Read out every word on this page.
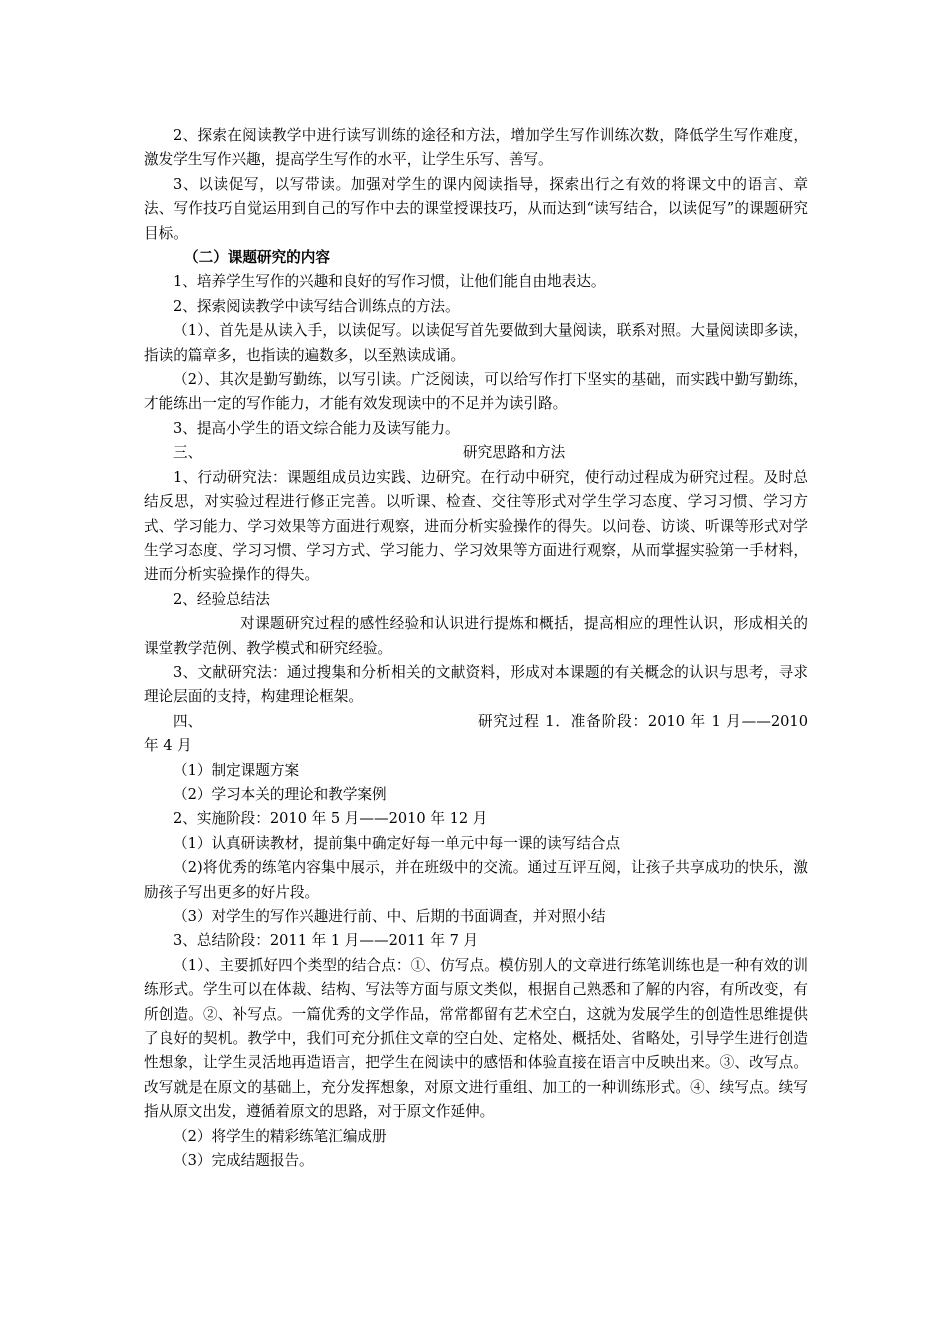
2、探索在阅读教学中进行读写训练的途径和方法，增加学生写作训练次数，降低学生写作难度，激发学生写作兴趣，提高学生写作的水平，让学生乐写、善写。

3、以读促写，以写带读。加强对学生的课内阅读指导，探索出行之有效的将课文中的语言、章法、写作技巧自觉运用到自己的写作中去的课堂授课技巧，从而达到“读写结合，以读促写”的课题研究目标。

（二）课题研究的内容

1、培养学生写作的兴趣和良好的写作习惯，让他们能自由地表达。

2、探索阅读教学中读写结合训练点的方法。

（1）、首先是从读入手，以读促写。以读促写首先要做到大量阅读，联系对照。大量阅读即多读，指读的篇章多，也指读的遍数多，以至熟读成诵。

（2）、其次是勤写勤练，以写引读。广泛阅读，可以给写作打下坚实的基础，而实践中勤写勤练，才能练出一定的写作能力，才能有效发现读中的不足并为读引路。

3、提高小学生的语文综合能力及读写能力。

三、	研究思路和方法

1、行动研究法：课题组成员边实践、边研究。在行动中研究，使行动过程成为研究过程。及时总结反思，对实验过程进行修正完善。以听课、检查、交往等形式对学生学习态度、学习习惯、学习方式、学习能力、学习效果等方面进行观察，进而分析实验操作的得失。以问卷、访谈、听课等形式对学生学习态度、学习习惯、学习方式、学习能力、学习效果等方面进行观察，从而掌握实验第一手材料，进而分析实验操作的得失。

2、经验总结法

对课题研究过程的感性经验和认识进行提炼和概括，提高相应的理性认识，形成相关的课堂教学范例、教学模式和研究经验。

3、文献研究法：通过搜集和分析相关的文献资料，形成对本课题的有关概念的认识与思考，寻求理论层面的支持，构建理论框架。

四、	研究过程 1．准备阶段：2010 年 1 月——2010 年 4 月

（1）制定课题方案

（2）学习本关的理论和教学案例

2、实施阶段：2010 年 5 月——2010 年 12 月

（1）认真研读教材，提前集中确定好每一单元中每一课的读写结合点

（2)将优秀的练笔内容集中展示，并在班级中的交流。通过互评互阅，让孩子共享成功的快乐，激励孩子写出更多的好片段。

（3）对学生的写作兴趣进行前、中、后期的书面调查，并对照小结

3、总结阶段：2011 年 1 月——2011 年 7 月

（1）、主要抓好四个类型的结合点：①、仿写点。模仿别人的文章进行练笔训练也是一种有效的训练形式。学生可以在体裁、结构、写法等方面与原文类似，根据自己熟悉和了解的内容，有所改变，有所创造。②、补写点。一篇优秀的文学作品，常常都留有艺术空白，这就为发展学生的创造性思维提供了良好的契机。教学中，我们可充分抓住文章的空白处、定格处、概括处、省略处，引导学生进行创造性想象，让学生灵活地再造语言，把学生在阅读中的感悟和体验直接在语言中反映出来。③、改写点。改写就是在原文的基础上，充分发挥想象，对原文进行重组、加工的一种训练形式。④、续写点。续写指从原文出发，遵循着原文的思路，对于原文作延伸。

（2）将学生的精彩练笔汇编成册

（3）完成结题报告。
